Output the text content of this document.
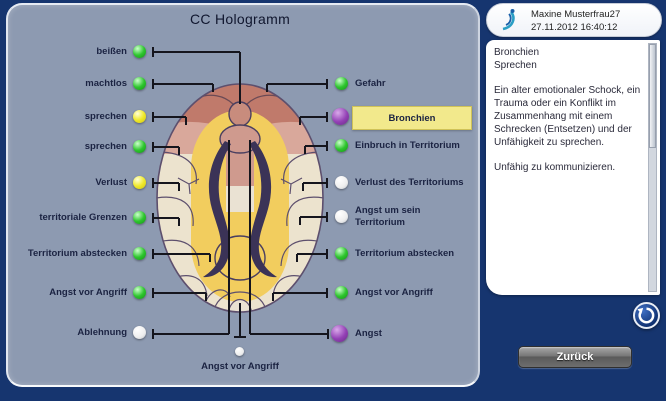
CC Hologramm
beißen
machtlos
sprechen
sprechen
Verlust
territoriale Grenzen
Territorium abstecken
Angst vor Angriff
Ablehnung
Gefahr
Bronchien
Einbruch in Territorium
Verlust des Territoriums
Angst um sein Territorium
Territorium abstecken
Angst vor Angriff
Angst
Angst vor Angriff
Maxine Musterfrau27
27.11.2012 16:40:12
Bronchien
Sprechen
Ein alter emotionaler Schock, ein Trauma oder ein Konflikt im Zusammenhang mit einem Schrecken (Entsetzen) und der Unfähigkeit zu sprechen.
Unfähig zu kommunizieren.
Zurück
